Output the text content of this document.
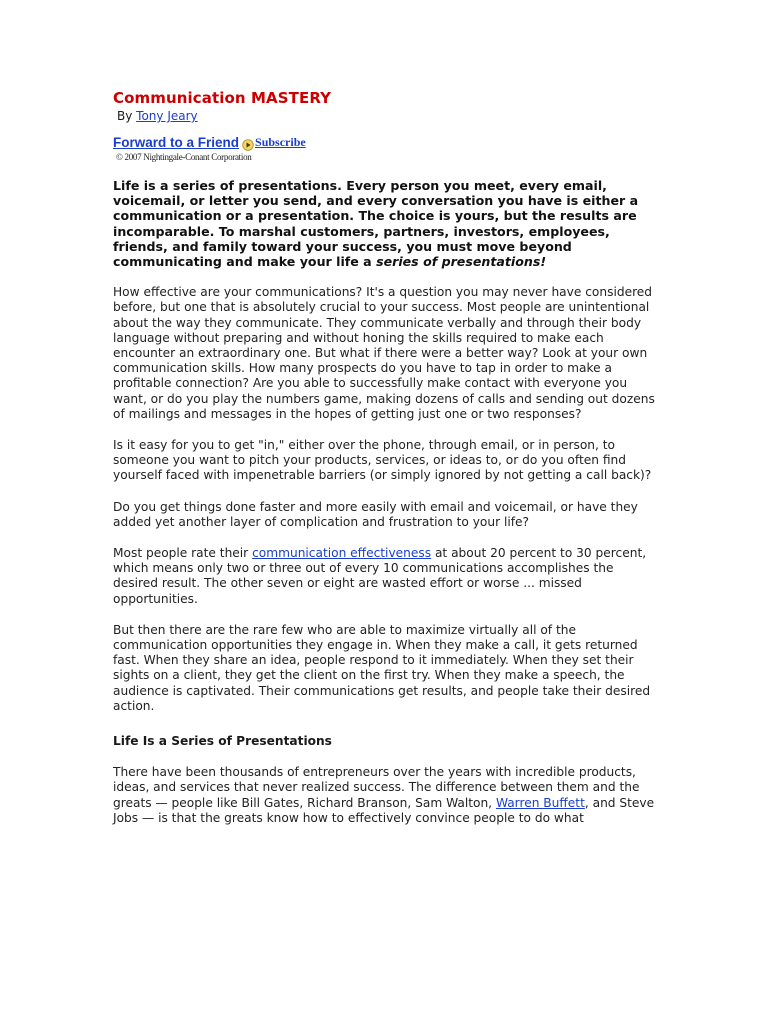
Communication MASTERY
By Tony Jeary
Forward to a Friend Subscribe
© 2007 Nightingale-Conant Corporation
Life is a series of presentations. Every person you meet, every email, voicemail, or letter you send, and every conversation you have is either a communication or a presentation. The choice is yours, but the results are incomparable. To marshal customers, partners, investors, employees, friends, and family toward your success, you must move beyond communicating and make your life a series of presentations!

How effective are your communications? It's a question you may never have considered before, but one that is absolutely crucial to your success. Most people are unintentional about the way they communicate. They communicate verbally and through their body language without preparing and without honing the skills required to make each encounter an extraordinary one. But what if there were a better way? Look at your own communication skills. How many prospects do you have to tap in order to make a profitable connection? Are you able to successfully make contact with everyone you want, or do you play the numbers game, making dozens of calls and sending out dozens of mailings and messages in the hopes of getting just one or two responses?

Is it easy for you to get "in," either over the phone, through email, or in person, to someone you want to pitch your products, services, or ideas to, or do you often find yourself faced with impenetrable barriers (or simply ignored by not getting a call back)?

Do you get things done faster and more easily with email and voicemail, or have they added yet another layer of complication and frustration to your life?

Most people rate their communication effectiveness at about 20 percent to 30 percent, which means only two or three out of every 10 communications accomplishes the desired result. The other seven or eight are wasted effort or worse ... missed opportunities.

But then there are the rare few who are able to maximize virtually all of the communication opportunities they engage in. When they make a call, it gets returned fast. When they share an idea, people respond to it immediately. When they set their sights on a client, they get the client on the first try. When they make a speech, the audience is captivated. Their communications get results, and people take their desired action.

Life Is a Series of Presentations

There have been thousands of entrepreneurs over the years with incredible products, ideas, and services that never realized success. The difference between them and the greats — people like Bill Gates, Richard Branson, Sam Walton, Warren Buffett, and Steve Jobs — is that the greats know how to effectively convince people to do what
